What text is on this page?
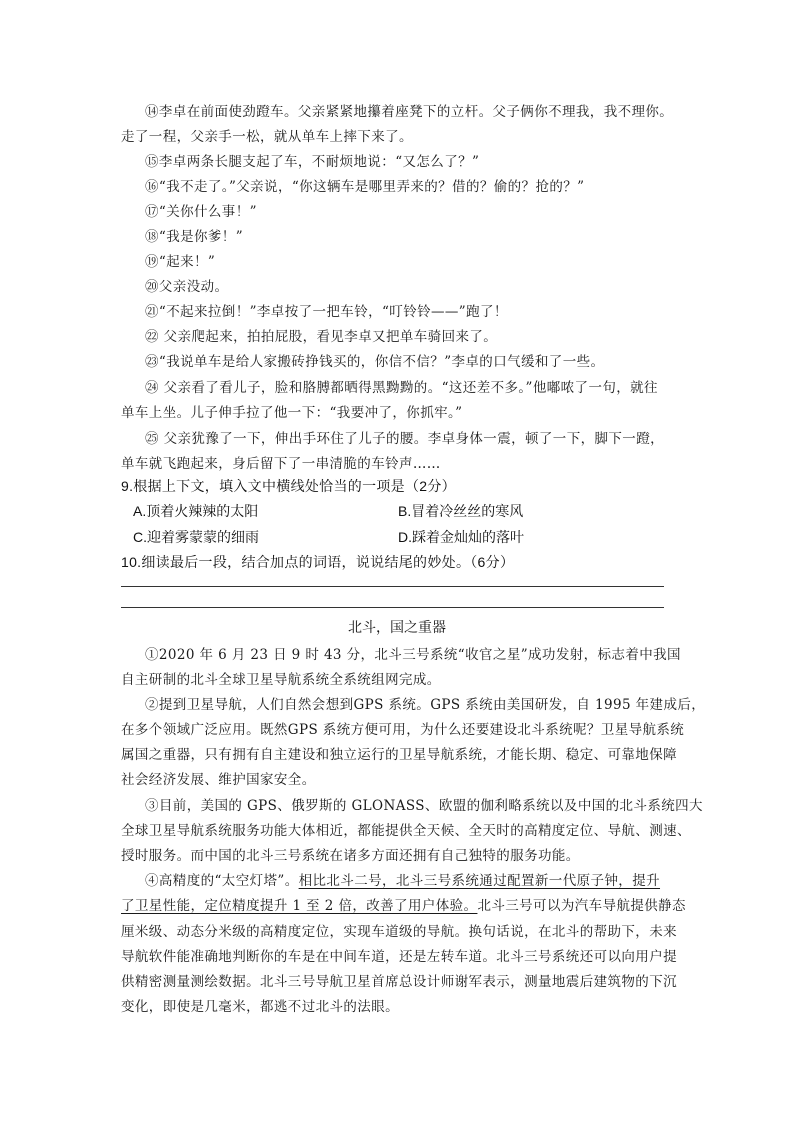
⑭李卓在前面使劲蹬车。父亲紧紧地攥着座凳下的立杆。父子俩你不理我，我不理你。
走了一程，父亲手一松，就从单车上摔下来了。
⑮李卓两条长腿支起了车，不耐烦地说：“又怎么了？”
⑯“我不走了。”父亲说，“你这辆车是哪里弄来的？借的？偷的？抢的？”
⑰“关你什么事！”
⑱“我是你爹！”
⑲“起来！”
⑳父亲没动。
㉑“不起来拉倒！”李卓按了一把车铃，“叮铃铃——”跑了！
㉒ 父亲爬起来，拍拍屁股，看见李卓又把单车骑回来了。
㉓“我说单车是给人家搬砖挣钱买的，你信不信？”李卓的口气缓和了一些。
㉔ 父亲看了看儿子，脸和胳膊都晒得黑黝黝的。“这还差不多。”他嘟哝了一句，就往
单车上坐。儿子伸手拉了他一下：“我要冲了，你抓牢。”
㉕ 父亲犹豫了一下，伸出手环住了儿子的腰。李卓身体一震，顿了一下，脚下一蹬，
单车就飞跑起来，身后留下了一串清脆的车铃声……
9.根据上下文，填入文中横线处恰当的一项是（2分）
A.顶着火辣辣的太阳	B.冒着冷丝丝的寒风
C.迎着雾蒙蒙的细雨	D.踩着金灿灿的落叶
10.细读最后一段，结合加点的词语，说说结尾的妙处。（6分）
北斗，国之重器
①2020 年 6 月 23 日 9 时 43 分，北斗三号系统“收官之星”成功发射，标志着中我国
自主研制的北斗全球卫星导航系统全系统组网完成。
②提到卫星导航，人们自然会想到GPS 系统。GPS 系统由美国研发，自 1995 年建成后，
在多个领域广泛应用。既然GPS 系统方便可用，为什么还要建设北斗系统呢？卫星导航系统
属国之重器，只有拥有自主建设和独立运行的卫星导航系统，才能长期、稳定、可靠地保障
社会经济发展、维护国家安全。
③目前，美国的 GPS、俄罗斯的 GLONASS、欧盟的伽利略系统以及中国的北斗系统四大
全球卫星导航系统服务功能大体相近，都能提供全天候、全天时的高精度定位、导航、测速、
授时服务。而中国的北斗三号系统在诸多方面还拥有自己独特的服务功能。
④高精度的“太空灯塔”。相比北斗二号，北斗三号系统通过配置新一代原子钟，提升
了卫星性能，定位精度提升 1 至 2 倍，改善了用户体验。北斗三号可以为汽车导航提供静态
厘米级、动态分米级的高精度定位，实现车道级的导航。换句话说，在北斗的帮助下，未来
导航软件能准确地判断你的车是在中间车道，还是左转车道。北斗三号系统还可以向用户提
供精密测量测绘数据。北斗三号导航卫星首席总设计师谢军表示，测量地震后建筑物的下沉
变化，即使是几毫米，都逃不过北斗的法眼。
